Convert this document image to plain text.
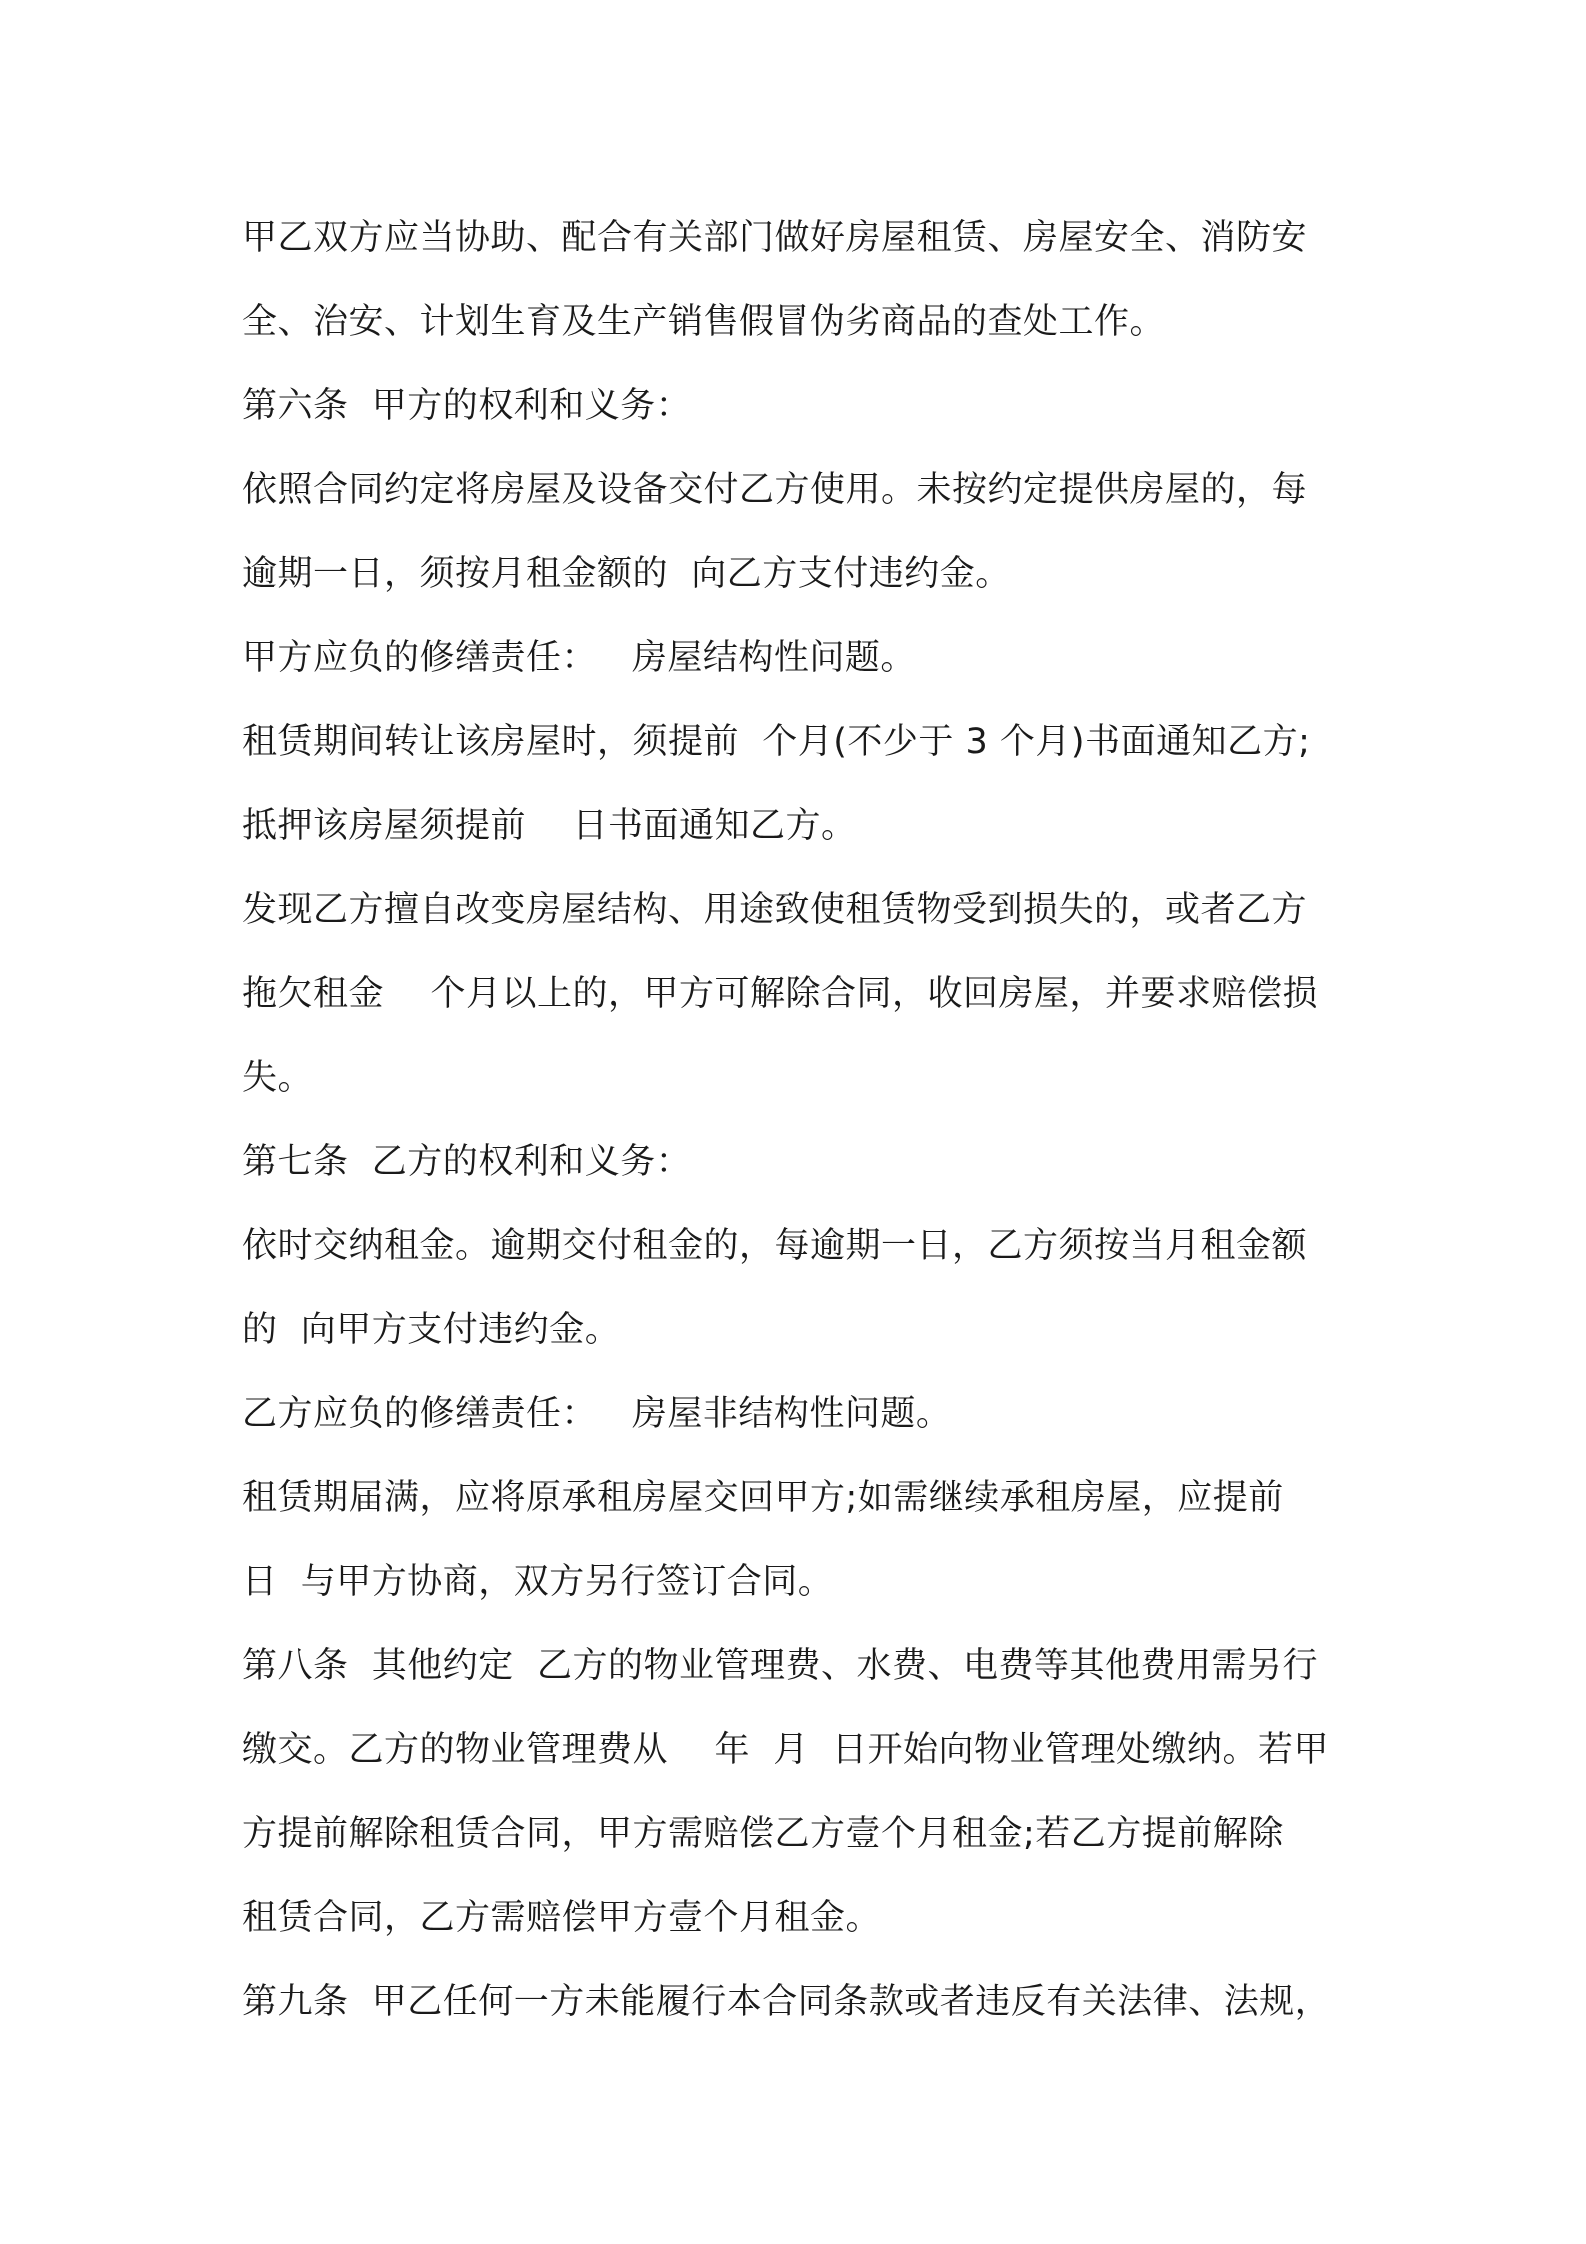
甲乙双方应当协助、配合有关部门做好房屋租赁、房屋安全、消防安
全、治安、计划生育及生产销售假冒伪劣商品的查处工作。
第六条  甲方的权利和义务：
依照合同约定将房屋及设备交付乙方使用。未按约定提供房屋的，每
逾期一日，须按月租金额的  向乙方支付违约金。
甲方应负的修缮责任：   房屋结构性问题。
租赁期间转让该房屋时，须提前  个月(不少于 3 个月)书面通知乙方;
抵押该房屋须提前    日书面通知乙方。
发现乙方擅自改变房屋结构、用途致使租赁物受到损失的，或者乙方
拖欠租金    个月以上的，甲方可解除合同，收回房屋，并要求赔偿损
失。
第七条  乙方的权利和义务：
依时交纳租金。逾期交付租金的，每逾期一日，乙方须按当月租金额
的  向甲方支付违约金。
乙方应负的修缮责任：   房屋非结构性问题。
租赁期届满，应将原承租房屋交回甲方;如需继续承租房屋，应提前
日  与甲方协商，双方另行签订合同。
第八条  其他约定  乙方的物业管理费、水费、电费等其他费用需另行
缴交。乙方的物业管理费从    年  月  日开始向物业管理处缴纳。若甲
方提前解除租赁合同，甲方需赔偿乙方壹个月租金;若乙方提前解除
租赁合同，乙方需赔偿甲方壹个月租金。
第九条  甲乙任何一方未能履行本合同条款或者违反有关法律、法规，
